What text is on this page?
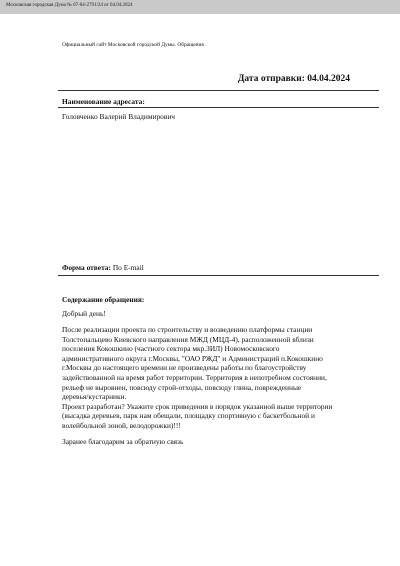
Московская городская Дума № 07-04-2791/24 от 04.04.2024
Официальный сайт Московской городской Думы. Обращения .
Дата отправки: 04.04.2024
Наименование адресата:
Головченко Валерий Владимирович
Форма ответа: По E-mail
Содержание обращения:
Добрый день!
После реализации проекта по строительству и возведению платформы станции
Толстопальцево Киевского направления МЖД (МЦД-4), расположенной вблизи
поселения Кокошкино (частного сектора мкр.ЗИЛ) Новомосковского
административного округа г.Москвы, "ОАО РЖД" и Администраций п.Кокошкино
г.Москвы до настоящего времени не произведены работы по благоустройству
задействованной на время работ территории. Территория в непотребном состоянии,
рельеф не выровнен, повсюду строй-отходы, повсюду глина, поврежденные
деревья/кустарники.
Проект разработан? Укажите срок приведения в порядок указанной выше территории
(высадка деревьев, парк нам обещали, площадку спортивную с баскетбольной и
волейбольной зоной, велодорожки)!!!
Заранее благодарим за обратную связь
